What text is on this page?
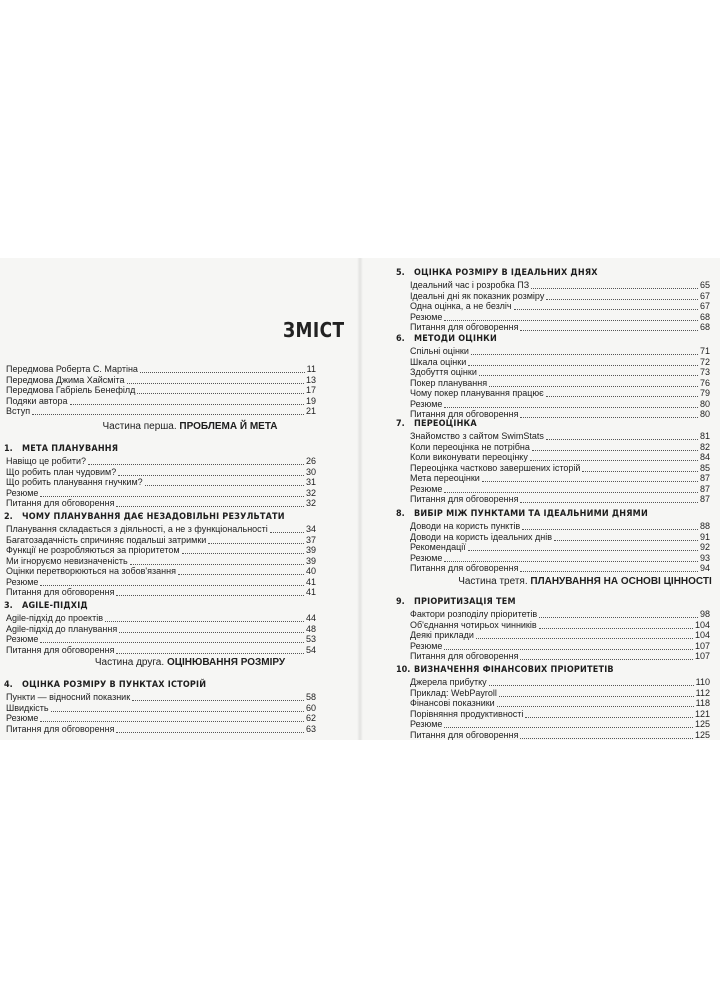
ЗМІСТ
Передмова Роберта С. Мартіна	11
Передмова Джима Хайсміта	13
Передмова Габріель Бенефілд	17
Подяки автора	19
Вступ	21
Частина перша. ПРОБЛЕМА Й МЕТА
1. МЕТА ПЛАНУВАННЯ
Навіщо це робити?	26
Що робить план чудовим?	30
Що робить планування гнучким?	31
Резюме	32
Питання для обговорення	32
2. ЧОМУ ПЛАНУВАННЯ ДАЄ НЕЗАДОВІЛЬНІ РЕЗУЛЬТАТИ
Планування складається з діяльності, а не з функціональності	34
Багатозадачність спричиняє подальші затримки	37
Функції не розробляються за пріоритетом	39
Ми ігноруємо невизначеність	39
Оцінки перетворюються на зобов'язання	40
Резюме	41
Питання для обговорення	41
3. AGILE-ПІДХІД
Agile-підхід до проектів	44
Agile-підхід до планування	48
Резюме	53
Питання для обговорення	54
Частина друга. ОЦІНЮВАННЯ РОЗМІРУ
4. ОЦІНКА РОЗМІРУ В ПУНКТАХ ІСТОРІЙ
Пункти — відносний показник	58
Швидкість	60
Резюме	62
Питання для обговорення	63
5. ОЦІНКА РОЗМІРУ В ІДЕАЛЬНИХ ДНЯХ
Ідеальний час і розробка ПЗ	65
Ідеальні дні як показник розміру	67
Одна оцінка, а не безліч	67
Резюме	68
Питання для обговорення	68
6. МЕТОДИ ОЦІНКИ
Спільні оцінки	71
Шкала оцінки	72
Здобуття оцінки	73
Покер планування	76
Чому покер планування працює	79
Резюме	80
Питання для обговорення	80
7. ПЕРЕОЦІНКА
Знайомство з сайтом SwimStats	81
Коли переоцінка не потрібна	82
Коли виконувати переоцінку	84
Переоцінка частково завершених історій	85
Мета переоцінки	87
Резюме	87
Питання для обговорення	87
8. ВИБІР МІЖ ПУНКТАМИ ТА ІДЕАЛЬНИМИ ДНЯМИ
Доводи на користь пунктів	88
Доводи на користь ідеальних днів	91
Рекомендації	92
Резюме	93
Питання для обговорення	94
Частина третя. ПЛАНУВАННЯ НА ОСНОВІ ЦІННОСТІ
9. ПРІОРИТИЗАЦІЯ ТЕМ
Фактори розподілу пріоритетів	98
Об'єднання чотирьох чинників	104
Деякі приклади	104
Резюме	107
Питання для обговорення	107
10. ВИЗНАЧЕННЯ ФІНАНСОВИХ ПРІОРИТЕТІВ
Джерела прибутку	110
Приклад: WebPayroll	112
Фінансові показники	118
Порівняння продуктивності	121
Резюме	125
Питання для обговорення	125
